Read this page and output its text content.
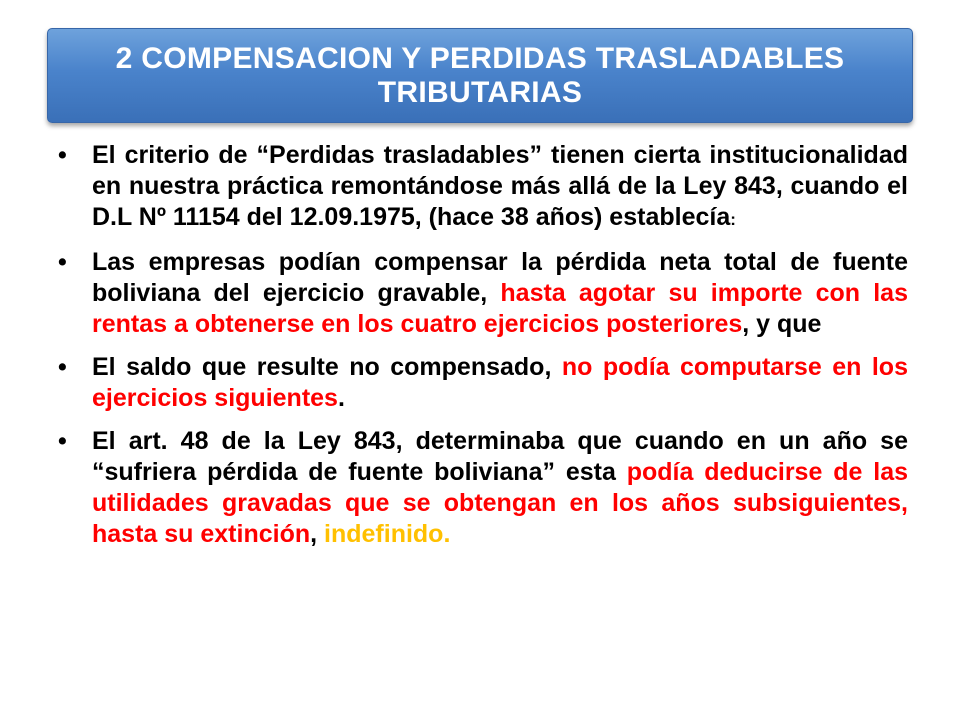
2 COMPENSACION Y PERDIDAS TRASLADABLES TRIBUTARIAS
• El criterio de “Perdidas trasladables” tienen cierta institucionalidad en nuestra práctica remontándose más allá de la Ley 843, cuando el D.L Nº 11154 del 12.09.1975, (hace 38 años) establecía:
• Las empresas podían compensar la pérdida neta total de fuente boliviana del ejercicio gravable, hasta agotar su importe con las rentas a obtenerse en los cuatro ejercicios posteriores, y que
• El saldo que resulte no compensado, no podía computarse en los ejercicios siguientes.
• El art. 48 de la Ley 843, determinaba que cuando en un año se “sufriera pérdida de fuente boliviana” esta podía deducirse de las utilidades gravadas que se obtengan en los años subsiguientes, hasta su extinción, indefinido.
